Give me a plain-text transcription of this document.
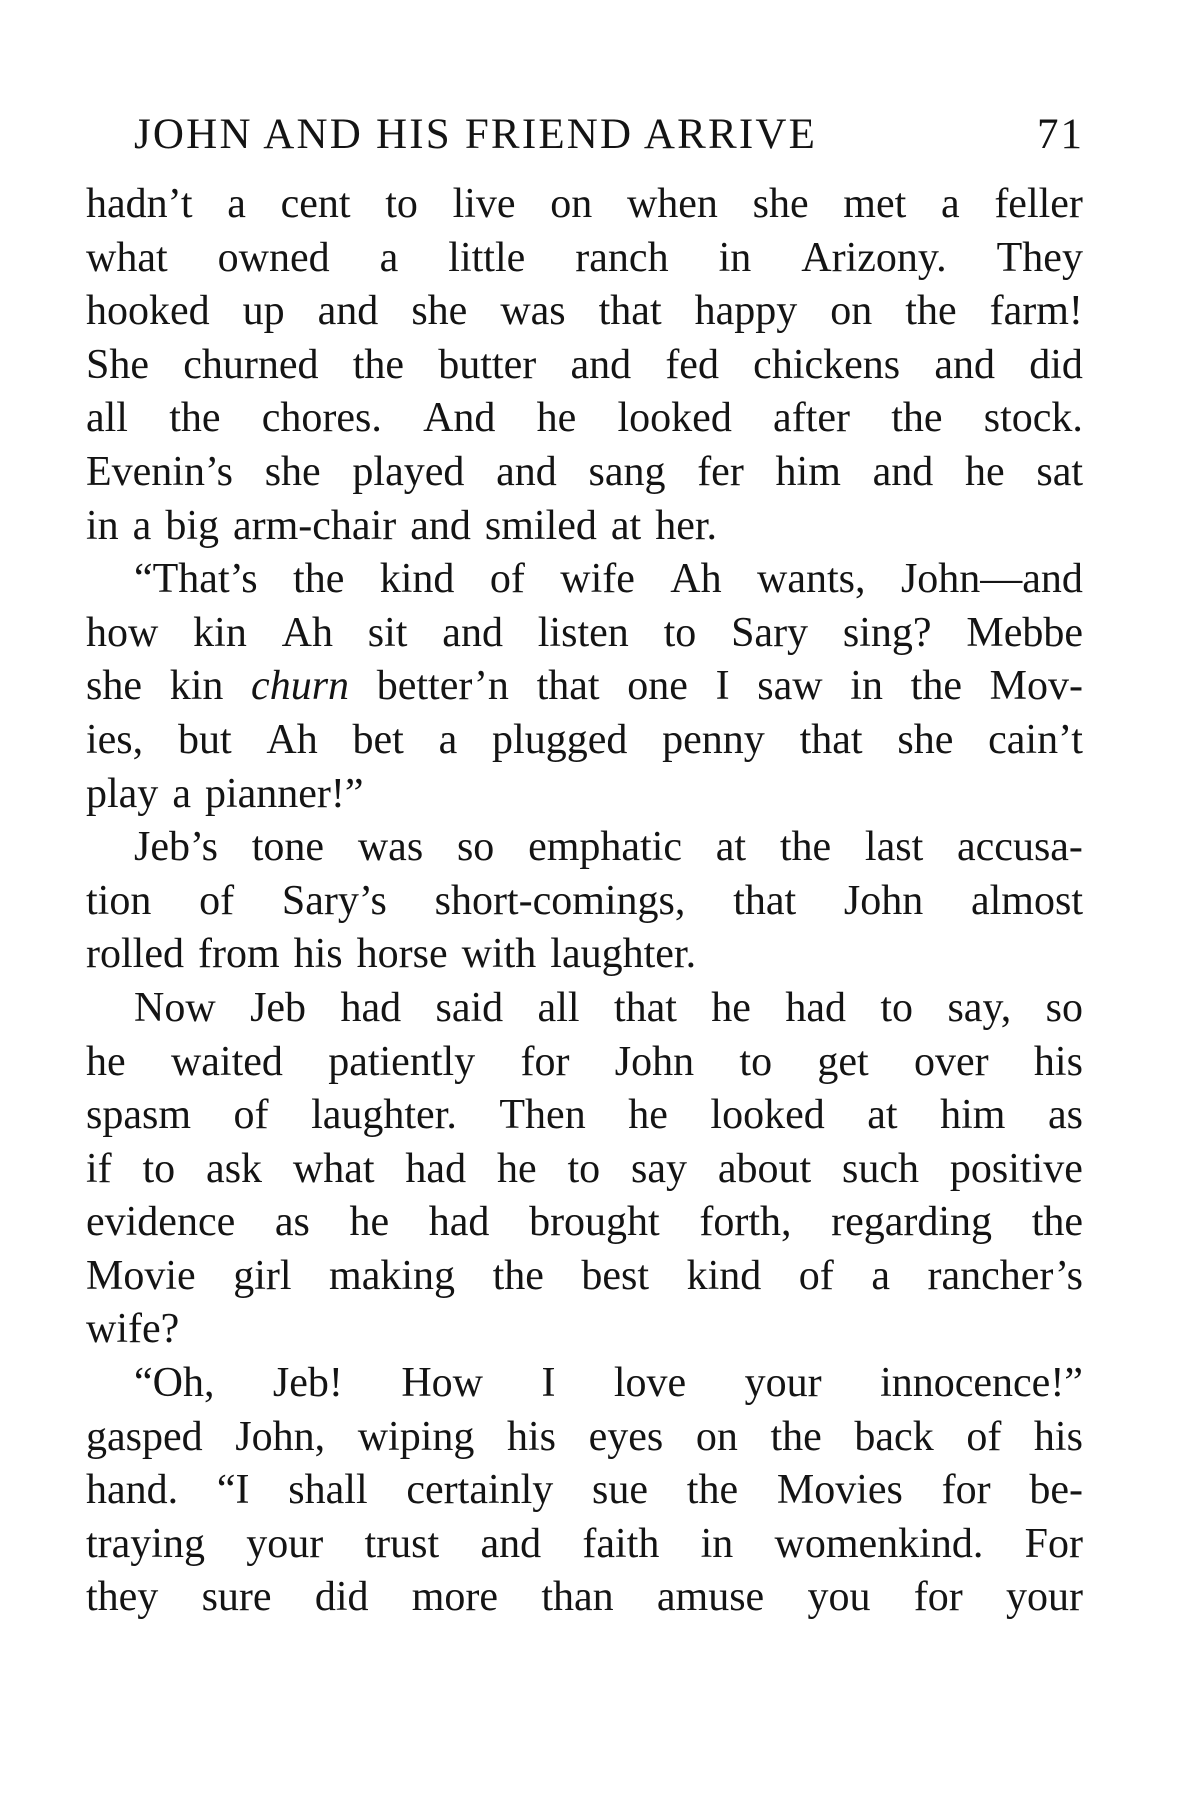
JOHN AND HIS FRIEND ARRIVE	71
hadn’t a cent to live on when she met a feller
what owned a little ranch in Arizony. They
hooked up and she was that happy on the farm!
She churned the butter and fed chickens and did
all the chores. And he looked after the stock.
Evenin’s she played and sang fer him and he sat
in a big arm-chair and smiled at her.
“That’s the kind of wife Ah wants, John—and
how kin Ah sit and listen to Sary sing? Mebbe
she kin churn better’n that one I saw in the Mov-
ies, but Ah bet a plugged penny that she cain’t
play a pianner!”
Jeb’s tone was so emphatic at the last accusa-
tion of Sary’s short-comings, that John almost
rolled from his horse with laughter.
Now Jeb had said all that he had to say, so
he waited patiently for John to get over his
spasm of laughter. Then he looked at him as
if to ask what had he to say about such positive
evidence as he had brought forth, regarding the
Movie girl making the best kind of a rancher’s
wife?
“Oh, Jeb! How I love your innocence!”
gasped John, wiping his eyes on the back of his
hand. “I shall certainly sue the Movies for be-
traying your trust and faith in womenkind. For
they sure did more than amuse you for your
